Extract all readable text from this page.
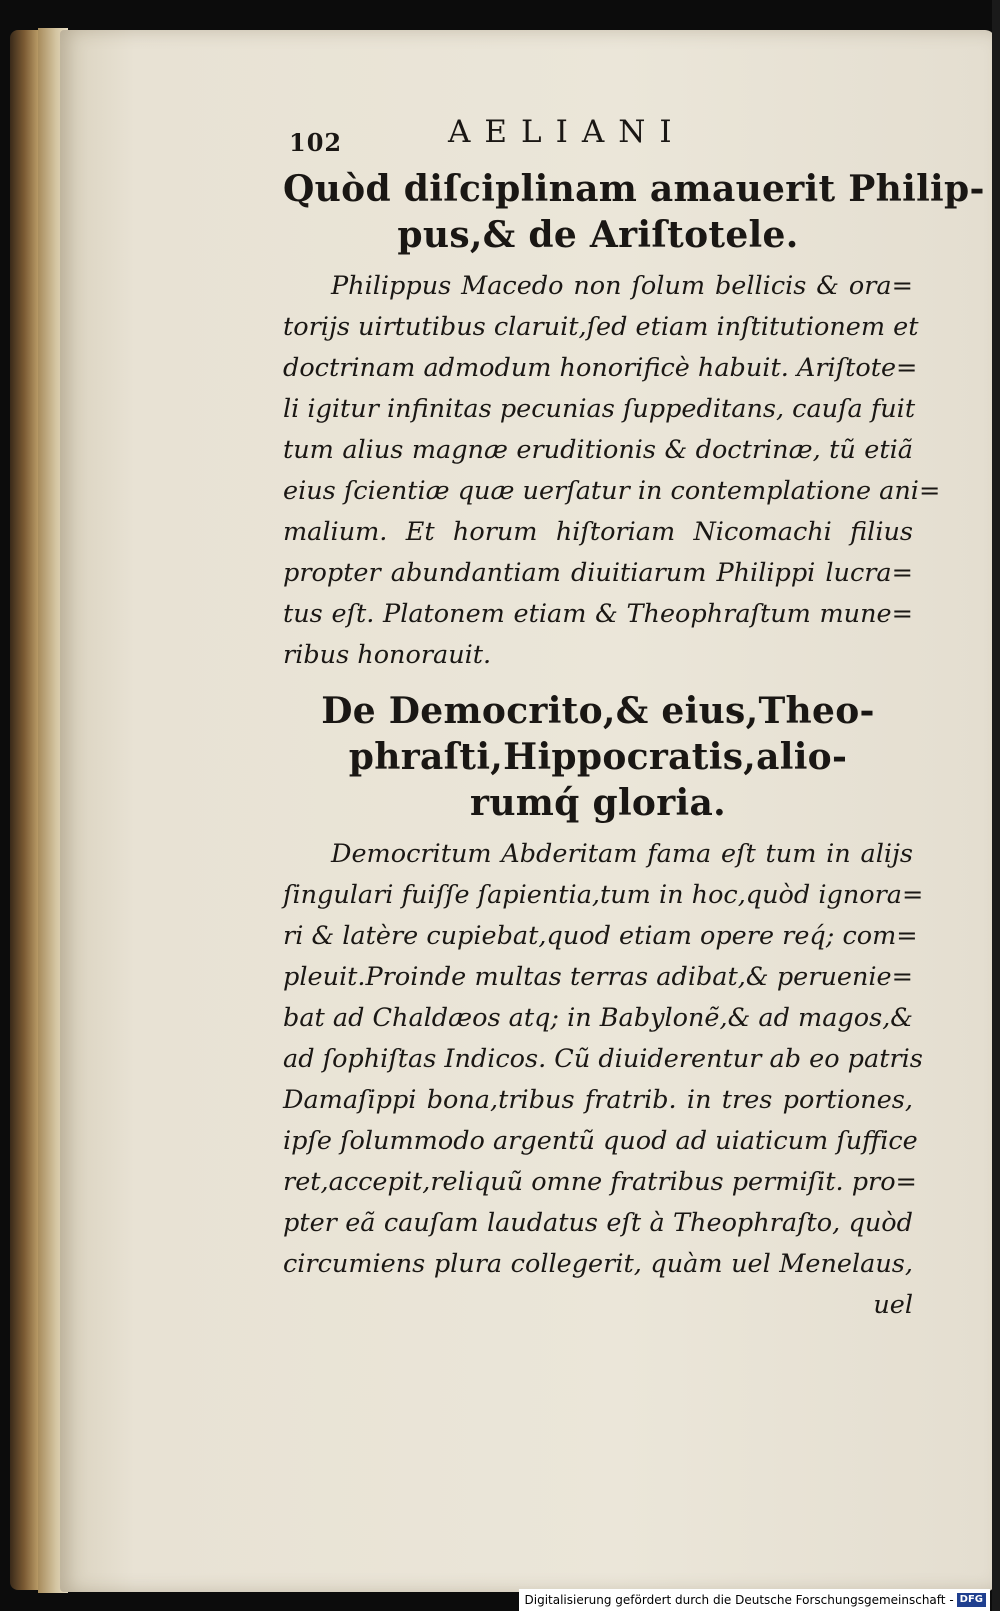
102	AELIANI
Quòd diſciplinam amauerit Philip-
pus,& de Ariſtotele.

Philippus Macedo non ſolum bellicis & ora=
torijs uirtutibus claruit,ſed etiam inſtitutionem et
doctrinam admodum honorificè habuit. Ariſtote=
li igitur infinitas pecunias ſuppeditans, cauſa fuit
tum alius magnæ eruditionis & doctrinæ, tũ etiã
eius ſcientiæ quæ uerſatur in contemplatione ani=
malium. Et horum hiſtoriam Nicomachi filius
propter abundantiam diuitiarum Philippi lucra=
tus eſt. Platonem etiam & Theophraſtum mune=
ribus honorauit.

De Democrito,& eius,Theo-
phraſti,Hippocratis,alio-
rumq́ gloria.

Democritum Abderitam fama eſt tum in alijs
ſingulari fuiſſe ſapientia,tum in hoc,quòd ignora=
ri & latère cupiebat,quod etiam opere req́; com=
pleuit.Proinde multas terras adibat,& peruenie=
bat ad Chaldæos atq; in Babylonẽ,& ad magos,&
ad ſophiſtas Indicos. Cũ diuiderentur ab eo patris
Damaſippi bona,tribus fratrib. in tres portiones,
ipſe ſolummodo argentũ quod ad uiaticum ſuffice
ret,accepit,reliquũ omne fratribus permiſit. pro=
pter eã cauſam laudatus eſt à Theophraſto, quòd
circumiens plura collegerit, quàm uel Menelaus,
uel

Digitalisierung gefördert durch die Deutsche Forschungsgemeinschaft - DFG
